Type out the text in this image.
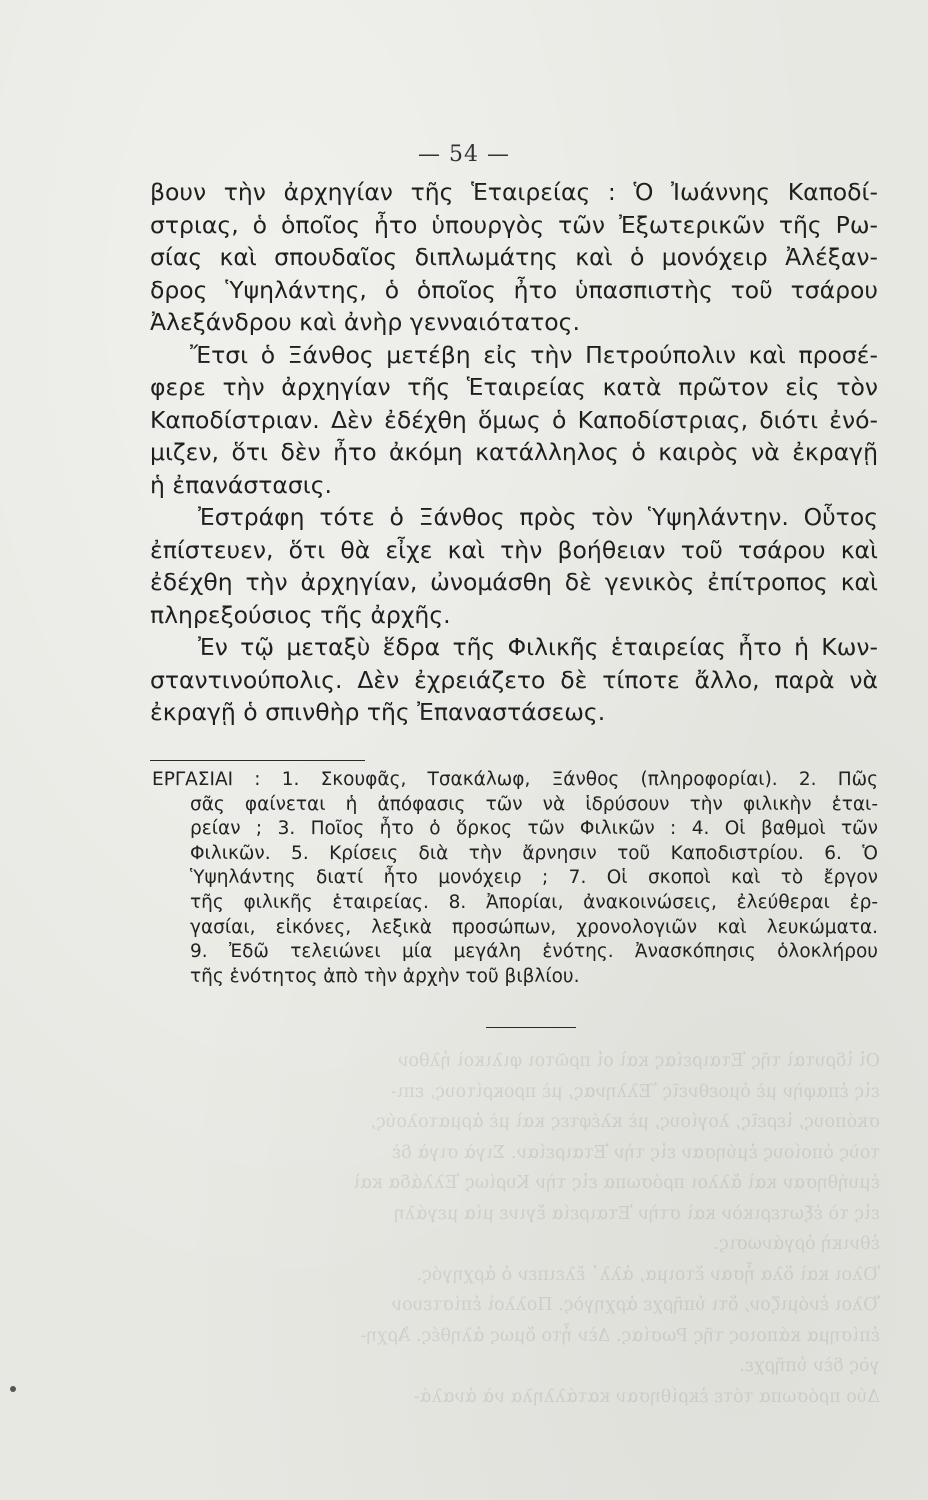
— 54 —
βουν τὴν ἀρχηγίαν τῆς Ἑταιρείας : Ὁ Ἰωάννης Καποδί-
στριας, ὁ ὁποῖος ἦτο ὑπουργὸς τῶν Ἐξωτερικῶν τῆς Ρω-
σίας καὶ σπουδαῖος διπλωμάτης καὶ ὁ μονόχειρ Ἀλέξαν-
δρος Ὑψηλάντης, ὁ ὁποῖος ἦτο ὑπασπιστὴς τοῦ τσάρου
Ἀλεξάνδρου καὶ ἀνὴρ γενναιότατος.
Ἔτσι ὁ Ξάνθος μετέβη εἰς τὴν Πετρούπολιν καὶ προσέ-
φερε τὴν ἀρχηγίαν τῆς Ἑταιρείας κατὰ πρῶτον εἰς τὸν
Καποδίστριαν. Δὲν ἐδέχθη ὅμως ὁ Καποδίστριας, διότι ἐνό-
μιζεν, ὅτι δὲν ἦτο ἀκόμη κατάλληλος ὁ καιρὸς νὰ ἐκραγῇ
ἡ ἐπανάστασις.
Ἐστράφη τότε ὁ Ξάνθος πρὸς τὸν Ὑψηλάντην. Οὗτος
ἐπίστευεν, ὅτι θὰ εἶχε καὶ τὴν βοήθειαν τοῦ τσάρου καὶ
ἐδέχθη τὴν ἀρχηγίαν, ὠνομάσθη δὲ γενικὸς ἐπίτροπος καὶ
πληρεξούσιος τῆς ἀρχῆς.
Ἐν τῷ μεταξὺ ἕδρα τῆς Φιλικῆς ἑταιρείας ἦτο ἡ Κων-
σταντινούπολις. Δὲν ἐχρειάζετο δὲ τίποτε ἄλλο, παρὰ νὰ
ἐκραγῇ ὁ σπινθὴρ τῆς Ἐπαναστάσεως.
ΕΡΓΑΣΙΑΙ : 1. Σκουφᾶς, Τσακάλωφ, Ξάνθος (πληροφορίαι). 2. Πῶς
σᾶς φαίνεται ἡ ἀπόφασις τῶν νὰ ἱδρύσουν τὴν φιλικὴν ἑται-
ρείαν ; 3. Ποῖος ἦτο ὁ ὅρκος τῶν Φιλικῶν : 4. Οἱ βαθμοὶ τῶν
Φιλικῶν. 5. Κρίσεις διὰ τὴν ἄρνησιν τοῦ Καποδιστρίου. 6. Ὁ
Ὑψηλάντης διατί ἦτο μονόχειρ ; 7. Οἱ σκοποὶ καὶ τὸ ἔργον
τῆς φιλικῆς ἑταιρείας. 8. Ἀπορίαι, ἀνακοινώσεις, ἐλεύθεραι ἐρ-
γασίαι, εἰκόνες, λεξικὰ προσώπων, χρονολογιῶν καὶ λευκώματα.
9. Ἐδῶ τελειώνει μία μεγάλη ἑνότης. Ἀνασκόπησις ὁλοκλήρου
τῆς ἑνότητος ἀπὸ τὴν ἀρχὴν τοῦ βιβλίου.
Οἱ ἱδρυταὶ τῆς Ἑταιρείας καὶ οἱ πρῶτοι φιλικοὶ ἦλθον
εἰς ἐπαφὴν μὲ ὁμοεθνεῖς Ἕλληνας, μὲ προκρίτους, επι-
σκόπους, ἱερεῖς, λογίους, μὲ κλέφτες καὶ μὲ ἁρματολούς,
τοὺς ὁποίους ἐμύησαν εἰς τὴν Ἑταιρείαν. Σιγὰ σιγὰ δὲ
ἐμυήθησαν καὶ ἄλλοι πρόσωπα εἰς τὴν Κυρίως Ἑλλάδα καὶ
εἰς τὸ ἐξωτερικὸν καὶ στὴν Ἑταιρεία ἔγινε μία μεγάλη
ἐθνικὴ ὀργάνωσις.
Ὅλοι καὶ ὅλα ἦσαν ἕτοιμα, ἀλλ᾽ ἔλειπεν ὁ ἀρχηγός.
Ὅλοι ἐνόμιζον, ὅτι ὑπῆρχε ἀρχηγὸς. Πολλοὶ ἐπίστευον
ἐπίσημα κάποιος τῆς Ρωσίας. Δὲν ἦτο ὅμως ἀληθές. Ἀρχη-
γὸς δὲν ὑπῆρχε.
Δύο πρόσωπα τότε ἐκρίθησαν κατάλληλα νὰ ἀναλά-
